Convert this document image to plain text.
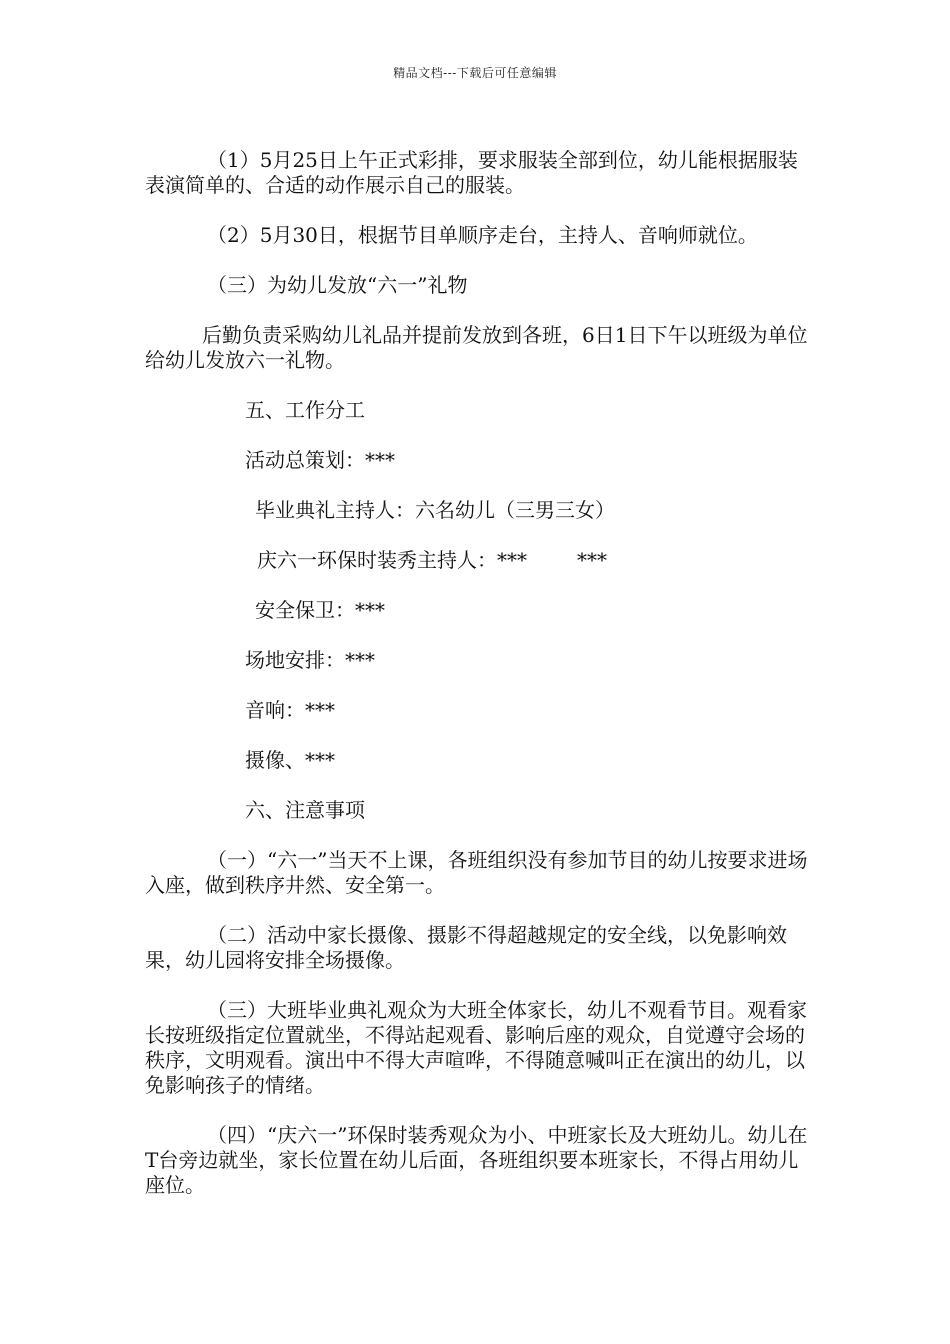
精品文档---下载后可任意编辑

（1）5月25日上午正式彩排，要求服装全部到位，幼儿能根据服装表演简单的、合适的动作展示自己的服装。

（2）5月30日，根据节目单顺序走台，主持人、音响师就位。

（三）为幼儿发放“六一”礼物

后勤负责采购幼儿礼品并提前发放到各班，6日1日下午以班级为单位给幼儿发放六一礼物。

五、工作分工
活动总策划：***
毕业典礼主持人：六名幼儿（三男三女）
庆六一环保时装秀主持人：***	***
安全保卫：***
场地安排：***
音响：***
摄像、***
六、注意事项

（一）“六一”当天不上课，各班组织没有参加节目的幼儿按要求进场入座，做到秩序井然、安全第一。

（二）活动中家长摄像、摄影不得超越规定的安全线，以免影响效果，幼儿园将安排全场摄像。

（三）大班毕业典礼观众为大班全体家长，幼儿不观看节目。观看家长按班级指定位置就坐，不得站起观看、影响后座的观众，自觉遵守会场的秩序，文明观看。演出中不得大声喧哗，不得随意喊叫正在演出的幼儿，以免影响孩子的情绪。

（四）“庆六一”环保时装秀观众为小、中班家长及大班幼儿。幼儿在T台旁边就坐，家长位置在幼儿后面，各班组织要本班家长，不得占用幼儿座位。
